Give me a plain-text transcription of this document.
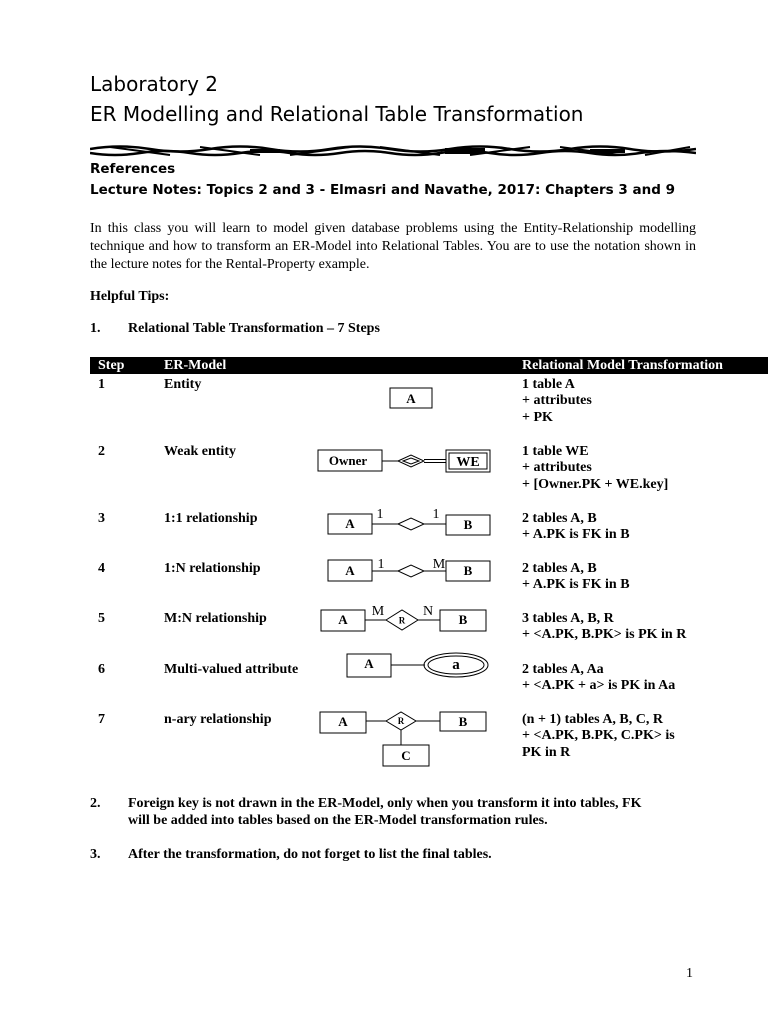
Laboratory 2
ER Modelling and Relational Table Transformation
References
Lecture Notes: Topics 2 and 3 - Elmasri and Navathe, 2017: Chapters 3 and 9
In this class you will learn to model given database problems using the Entity-Relationship modelling technique and how to transform an ER-Model into Relational Tables. You are to use the notation shown in the lecture notes for the Rental-Property example.
Helpful Tips:
1. Relational Table Transformation – 7 Steps
Step	ER-Model	Relational Model Transformation
1	Entity	1 table A
+ attributes
+ PK
2	Weak entity	1 table WE
+ attributes
+ [Owner.PK + WE.key]
3	1:1 relationship	2 tables A, B
+ A.PK is FK in B
4	1:N relationship	2 tables A, B
+ A.PK is FK in B
5	M:N relationship	3 tables A, B, R
+ <A.PK, B.PK> is PK in R
6	Multi-valued attribute	2 tables A, Aa
+ <A.PK + a> is PK in Aa
7	n-ary relationship	(n + 1) tables A, B, C, R
+ <A.PK, B.PK, C.PK> is
PK in R
A
Owner	WE
A	B
A	B
A	B
R
A	a
A	B
R
C
1	1
1	M
M	N
2. Foreign key is not drawn in the ER-Model, only when you transform it into tables, FK
will be added into tables based on the ER-Model transformation rules.
3. After the transformation, do not forget to list the final tables.
1
